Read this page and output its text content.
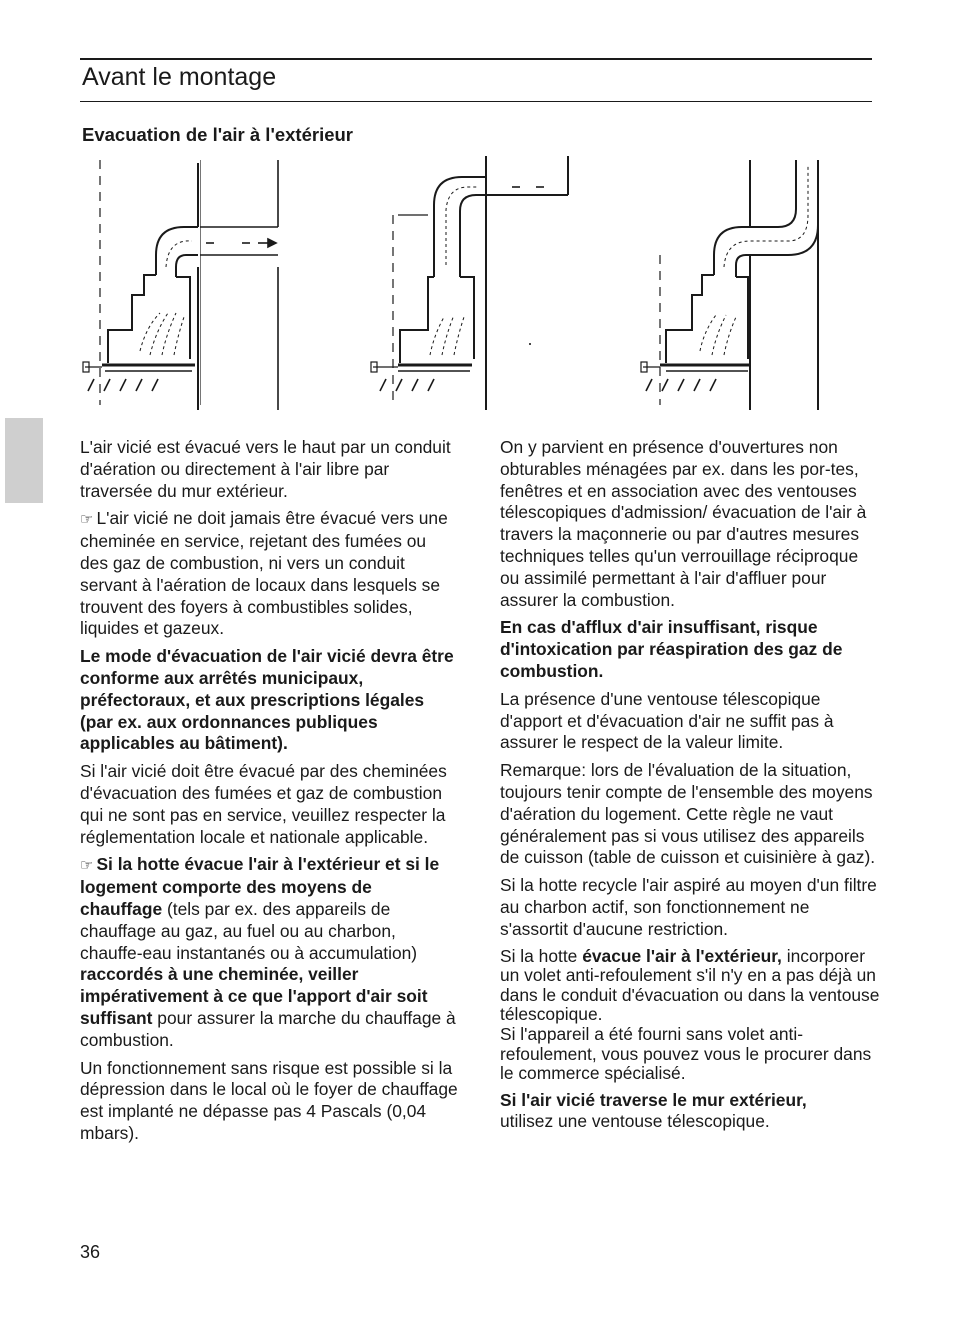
Avant le montage
Evacuation de l'air à l'extérieur

L'air vicié est évacué vers le haut par un conduit d'aération ou directement à l'air libre par traversée du mur extérieur.

☞ L'air vicié ne doit jamais être évacué vers une cheminée en service, rejetant des fumées ou des gaz de combustion, ni vers un conduit servant à l'aération de locaux dans lesquels se trouvent des foyers à combustibles solides, liquides et gazeux.

Le mode d'évacuation de l'air vicié devra être conforme aux arrêtés municipaux, préfectoraux, et aux prescriptions légales (par ex. aux ordonnances publiques applicables au bâtiment).

Si l'air vicié doit être évacué par des cheminées d'évacuation des fumées et gaz de combustion qui ne sont pas en service, veuillez respecter la réglementation locale et nationale applicable.

☞ Si la hotte évacue l'air à l'extérieur et si le logement comporte des moyens de chauffage (tels par ex. des appareils de chauffage au gaz, au fuel ou au charbon, chauffe-eau instantanés ou à accumulation) raccordés à une cheminée, veiller impérativement à ce que l'apport d'air soit suffisant pour assurer la marche du chauffage à combustion.

Un fonctionnement sans risque est possible si la dépression dans le local où le foyer de chauffage est implanté ne dépasse pas 4 Pascals (0,04 mbars).

On y parvient en présence d'ouvertures non obturables ménagées par ex. dans les por-tes, fenêtres et en association avec des ventouses télescopiques d'admission/ évacuation de l'air à travers la maçonnerie ou par d'autres mesures techniques telles qu'un verrouillage réciproque ou assimilé permettant à l'air d'affluer pour assurer la combustion.

En cas d'afflux d'air insuffisant, risque d'intoxication par réaspiration des gaz de combustion.

La présence d'une ventouse télescopique d'apport et d'évacuation d'air ne suffit pas à assurer le respect de la valeur limite.

Remarque: lors de l'évaluation de la situation, toujours tenir compte de l'ensemble des moyens d'aération du logement. Cette règle ne vaut généralement pas si vous utilisez des appareils de cuisson (table de cuisson et cuisinière à gaz).

Si la hotte recycle l'air aspiré au moyen d'un filtre au charbon actif, son fonctionnement ne s'assortit d'aucune restriction.

Si la hotte évacue l'air à l'extérieur, incorporer un volet anti-refoulement s'il n'y en a pas déjà un dans le conduit d'évacuation ou dans la ventouse télescopique.
Si l'appareil a été fourni sans volet anti-refoulement, vous pouvez vous le procurer dans le commerce spécialisé.

Si l'air vicié traverse le mur extérieur,
utilisez une ventouse télescopique.

36
